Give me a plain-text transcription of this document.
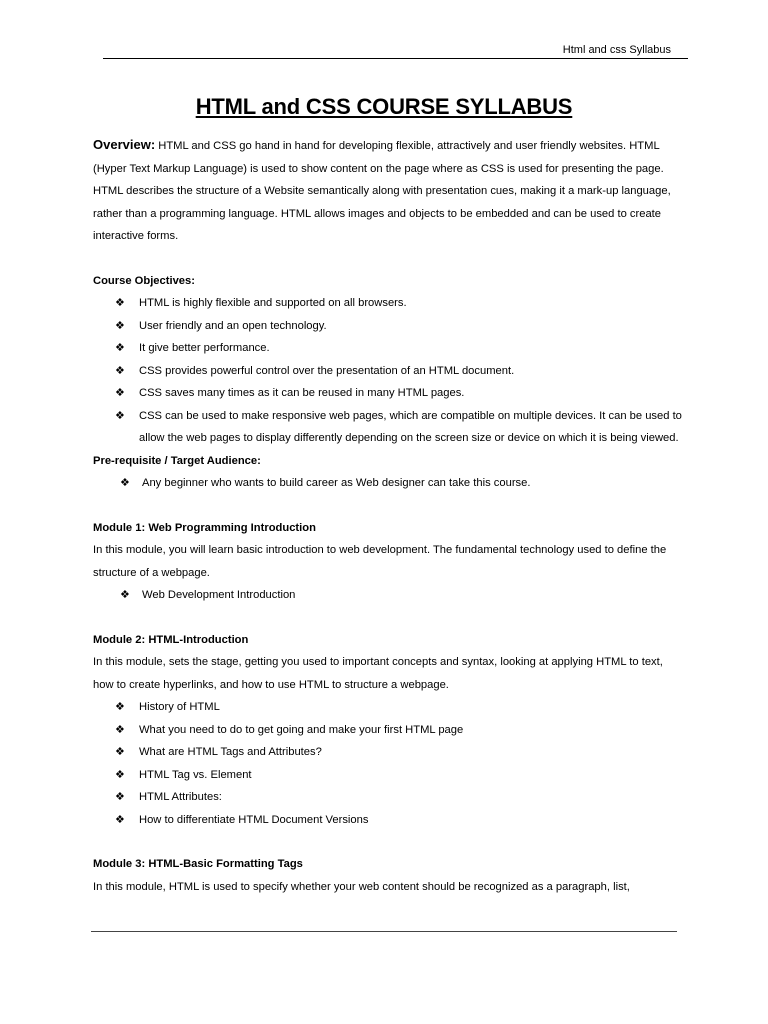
Html and css Syllabus
HTML and CSS COURSE SYLLABUS

Overview: HTML and CSS go hand in hand for developing flexible, attractively and user friendly websites. HTML (Hyper Text Markup Language) is used to show content on the page where as CSS is used for presenting the page. HTML describes the structure of a Website semantically along with presentation cues, making it a mark-up language, rather than a programming language. HTML allows images and objects to be embedded and can be used to create interactive forms.

Course Objectives:

❖ HTML is highly flexible and supported on all browsers.
❖ User friendly and an open technology.
❖ It give better performance.
❖ CSS provides powerful control over the presentation of an HTML document.
❖ CSS saves many times as it can be reused in many HTML pages.
❖ CSS can be used to make responsive web pages, which are compatible on multiple devices. It can be used to allow the web pages to display differently depending on the screen size or device on which it is being viewed.

Pre-requisite / Target Audience:

❖ Any beginner who wants to build career as Web designer can take this course.

Module 1: Web Programming Introduction

In this module, you will learn basic introduction to web development. The fundamental technology used to define the structure of a webpage.

❖ Web Development Introduction

Module 2: HTML-Introduction

In this module, sets the stage, getting you used to important concepts and syntax, looking at applying HTML to text, how to create hyperlinks, and how to use HTML to structure a webpage.

❖ History of HTML
❖ What you need to do to get going and make your first HTML page
❖ What are HTML Tags and Attributes?
❖ HTML Tag vs. Element
❖ HTML Attributes:
❖ How to differentiate HTML Document Versions

Module 3: HTML-Basic Formatting Tags

In this module, HTML is used to specify whether your web content should be recognized as a paragraph, list,
